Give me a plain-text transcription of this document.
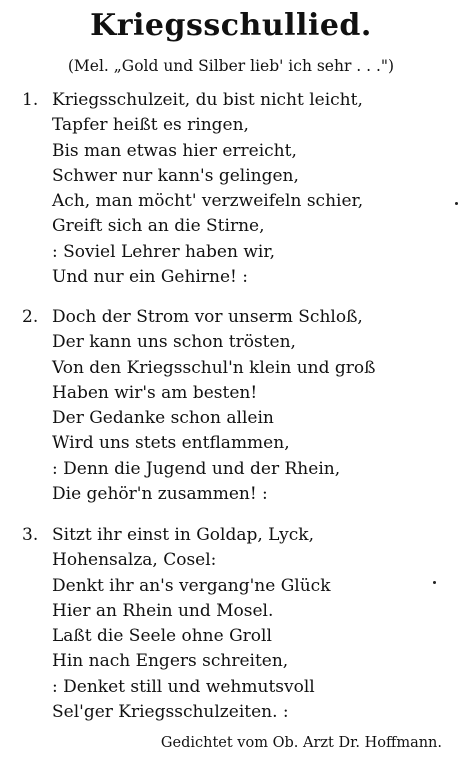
Kriegsschullied.
(Mel. „Gold und Silber lieb' ich sehr . . .")
1. Kriegsschulzeit, du bist nicht leicht,
Tapfer heißt es ringen,
Bis man etwas hier erreicht,
Schwer nur kann's gelingen,
Ach, man möcht' verzweifeln schier,
Greift sich an die Stirne,
: Soviel Lehrer haben wir,
Und nur ein Gehirne! :
2. Doch der Strom vor unserm Schloß,
Der kann uns schon trösten,
Von den Kriegsschul'n klein und groß
Haben wir's am besten!
Der Gedanke schon allein
Wird uns stets entflammen,
: Denn die Jugend und der Rhein,
Die gehör'n zusammen! :
3. Sitzt ihr einst in Goldap, Lyck,
Hohensalza, Cosel:
Denkt ihr an's vergang'ne Glück
Hier an Rhein und Mosel.
Laßt die Seele ohne Groll
Hin nach Engers schreiten,
: Denket still und wehmutsvoll
Sel'ger Kriegsschulzeiten. :
Gedichtet vom Ob. Arzt Dr. Hoffmann.
